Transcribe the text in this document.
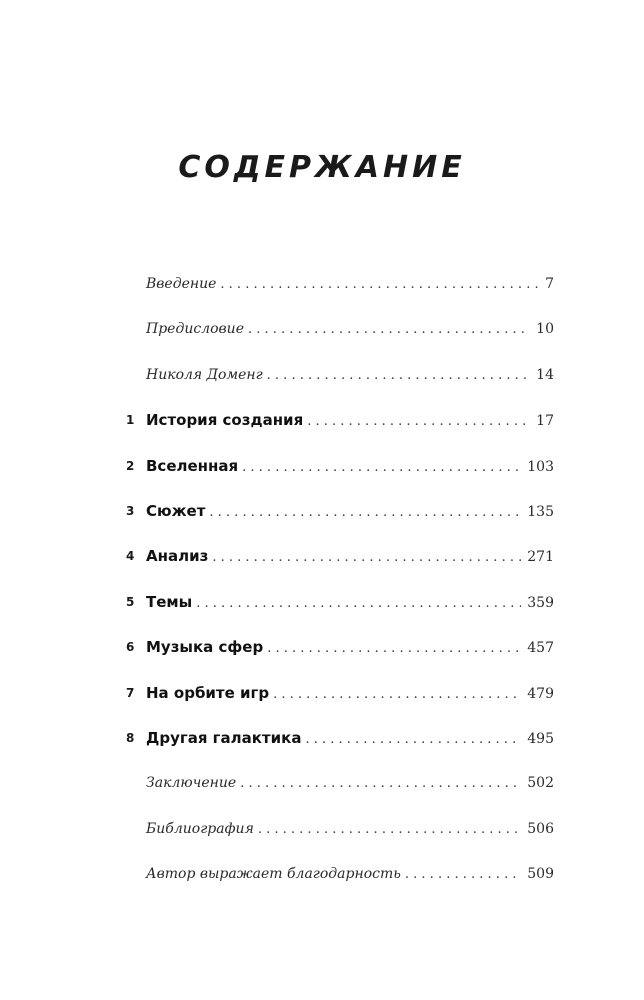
СОДЕРЖАНИЕ
Введение . . .	7
Предисловие . . .	10
Николя Доменг . . .	14
1 История создания . . .	17
2 Вселенная . . .	103
3 Сюжет . . .	135
4 Анализ . . .	271
5 Темы . . .	359
6 Музыка сфер . . .	457
7 На орбите игр . . .	479
8 Другая галактика . . .	495
Заключение . . .	502
Библиография . . .	506
Автор выражает благодарность . . .	509
